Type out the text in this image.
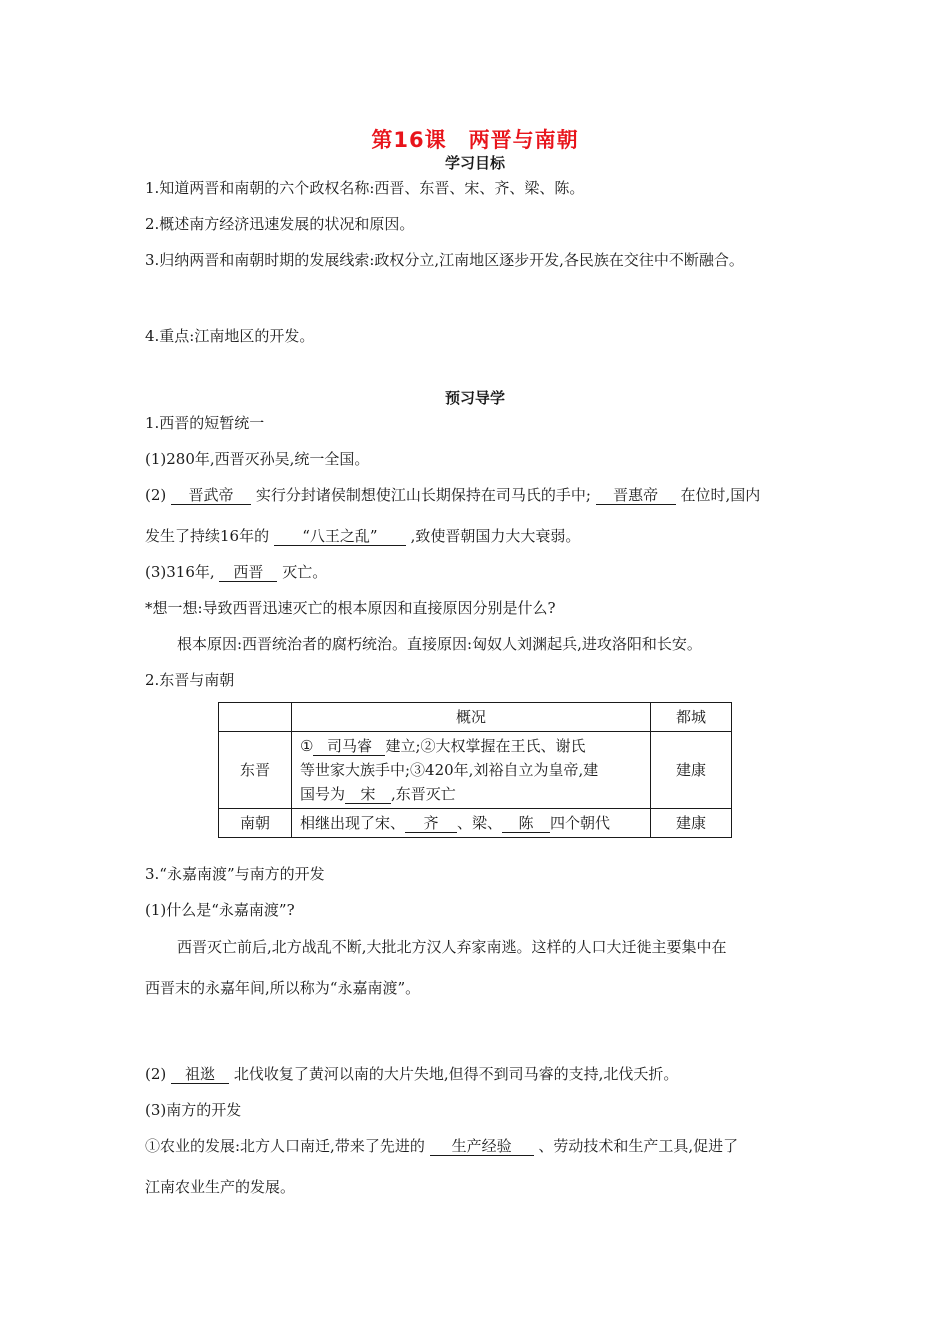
第16课　两晋与南朝
学习目标
1.知道两晋和南朝的六个政权名称:西晋、东晋、宋、齐、梁、陈。
2.概述南方经济迅速发展的状况和原因。
3.归纳两晋和南朝时期的发展线索:政权分立,江南地区逐步开发,各民族在交往中不断融合。
4.重点:江南地区的开发。
预习导学
1.西晋的短暂统一
(1)280年,西晋灭孙吴,统一全国。
(2) 晋武帝 实行分封诸侯制想使江山长期保持在司马氏的手中; 晋惠帝 在位时,国内
发生了持续16年的 “八王之乱” ,致使晋朝国力大大衰弱。
(3)316年, 西晋 灭亡。
*想一想:导致西晋迅速灭亡的根本原因和直接原因分别是什么?
根本原因:西晋统治者的腐朽统治。直接原因:匈奴人刘渊起兵,进攻洛阳和长安。
2.东晋与南朝
	概况	都城
东晋	① 司马睿 建立;②大权掌握在王氏、谢氏
等世家大族手中;③420年,刘裕自立为皇帝,建
国号为 宋 ,东晋灭亡	建康
南朝	相继出现了宋、 齐 、梁、 陈 四个朝代	建康
3.“永嘉南渡”与南方的开发
(1)什么是“永嘉南渡”?
西晋灭亡前后,北方战乱不断,大批北方汉人弃家南逃。这样的人口大迁徙主要集中在
西晋末的永嘉年间,所以称为“永嘉南渡”。
(2) 祖逖 北伐收复了黄河以南的大片失地,但得不到司马睿的支持,北伐夭折。
(3)南方的开发
①农业的发展:北方人口南迁,带来了先进的 生产经验 、劳动技术和生产工具,促进了
江南农业生产的发展。
